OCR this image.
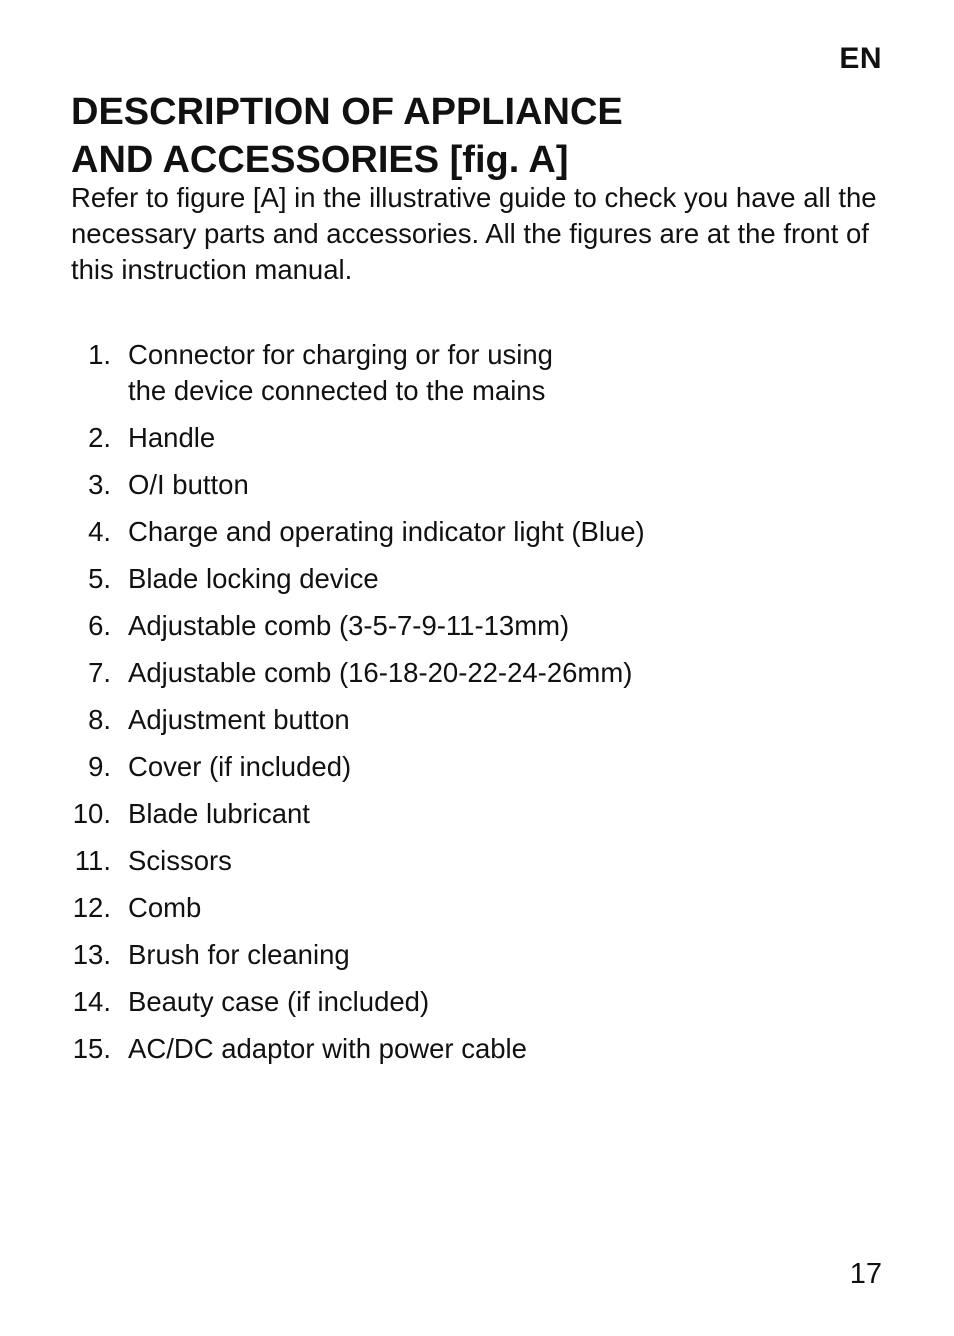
EN
DESCRIPTION OF APPLIANCE
AND ACCESSORIES [fig. A]

Refer to figure [A] in the illustrative guide to check you have all the necessary parts and accessories. All the figures are at the front of this instruction manual.

1. Connector for charging or for using
the device connected to the mains
2. Handle
3. O/I button
4. Charge and operating indicator light (Blue)
5. Blade locking device
6. Adjustable comb (3-5-7-9-11-13mm)
7. Adjustable comb (16-18-20-22-24-26mm)
8. Adjustment button
9. Cover (if included)
10. Blade lubricant
11. Scissors
12. Comb
13. Brush for cleaning
14. Beauty case (if included)
15. AC/DC adaptor with power cable
17
